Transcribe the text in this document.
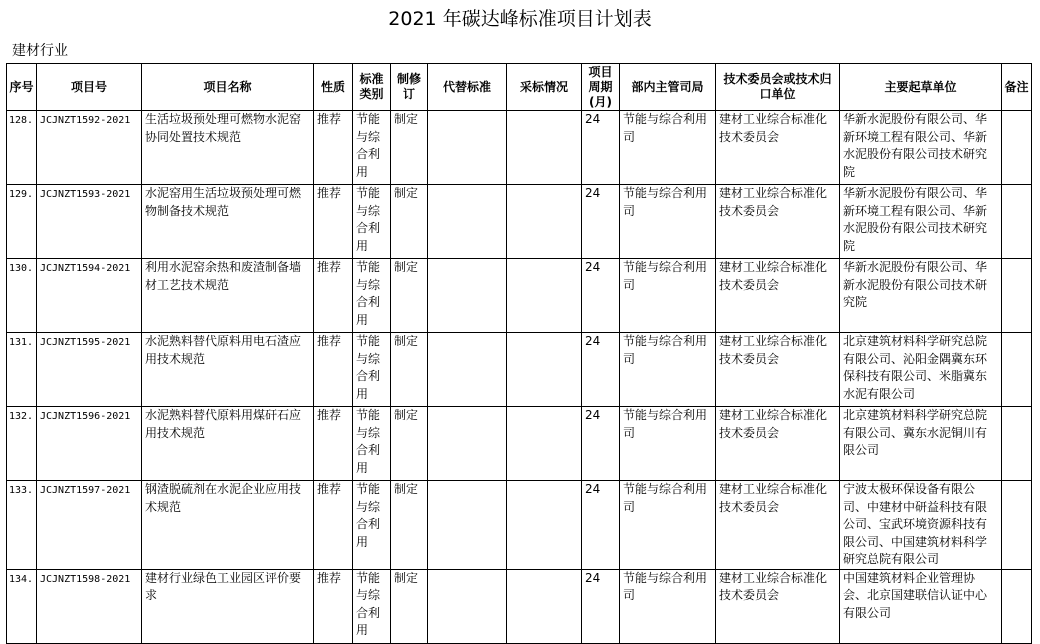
2021 年碳达峰标准项目计划表
建材行业
序号	项目号	项目名称	性质	标准类别	制修订	代替标准	采标情况	项目周期(月)	部内主管司局	技术委员会或技术归口单位	主要起草单位	备注
128.	JCJNZT1592-2021	生活垃圾预处理可燃物水泥窑协同处置技术规范	推荐	节能与综合利用	制定			24	节能与综合利用司	建材工业综合标准化技术委员会	华新水泥股份有限公司、华新环境工程有限公司、华新水泥股份有限公司技术研究院	
129.	JCJNZT1593-2021	水泥窑用生活垃圾预处理可燃物制备技术规范	推荐	节能与综合利用	制定			24	节能与综合利用司	建材工业综合标准化技术委员会	华新水泥股份有限公司、华新环境工程有限公司、华新水泥股份有限公司技术研究院	
130.	JCJNZT1594-2021	利用水泥窑余热和废渣制备墙材工艺技术规范	推荐	节能与综合利用	制定			24	节能与综合利用司	建材工业综合标准化技术委员会	华新水泥股份有限公司、华新水泥股份有限公司技术研究院	
131.	JCJNZT1595-2021	水泥熟料替代原料用电石渣应用技术规范	推荐	节能与综合利用	制定			24	节能与综合利用司	建材工业综合标准化技术委员会	北京建筑材料科学研究总院有限公司、沁阳金隅冀东环保科技有限公司、米脂冀东水泥有限公司	
132.	JCJNZT1596-2021	水泥熟料替代原料用煤矸石应用技术规范	推荐	节能与综合利用	制定			24	节能与综合利用司	建材工业综合标准化技术委员会	北京建筑材料科学研究总院有限公司、冀东水泥铜川有限公司	
133.	JCJNZT1597-2021	钢渣脱硫剂在水泥企业应用技术规范	推荐	节能与综合利用	制定			24	节能与综合利用司	建材工业综合标准化技术委员会	宁波太极环保设备有限公司、中建材中研益科技有限公司、宝武环境资源科技有限公司、中国建筑材料科学研究总院有限公司	
134.	JCJNZT1598-2021	建材行业绿色工业园区评价要求	推荐	节能与综合利用	制定			24	节能与综合利用司	建材工业综合标准化技术委员会	中国建筑材料企业管理协会、北京国建联信认证中心有限公司	
